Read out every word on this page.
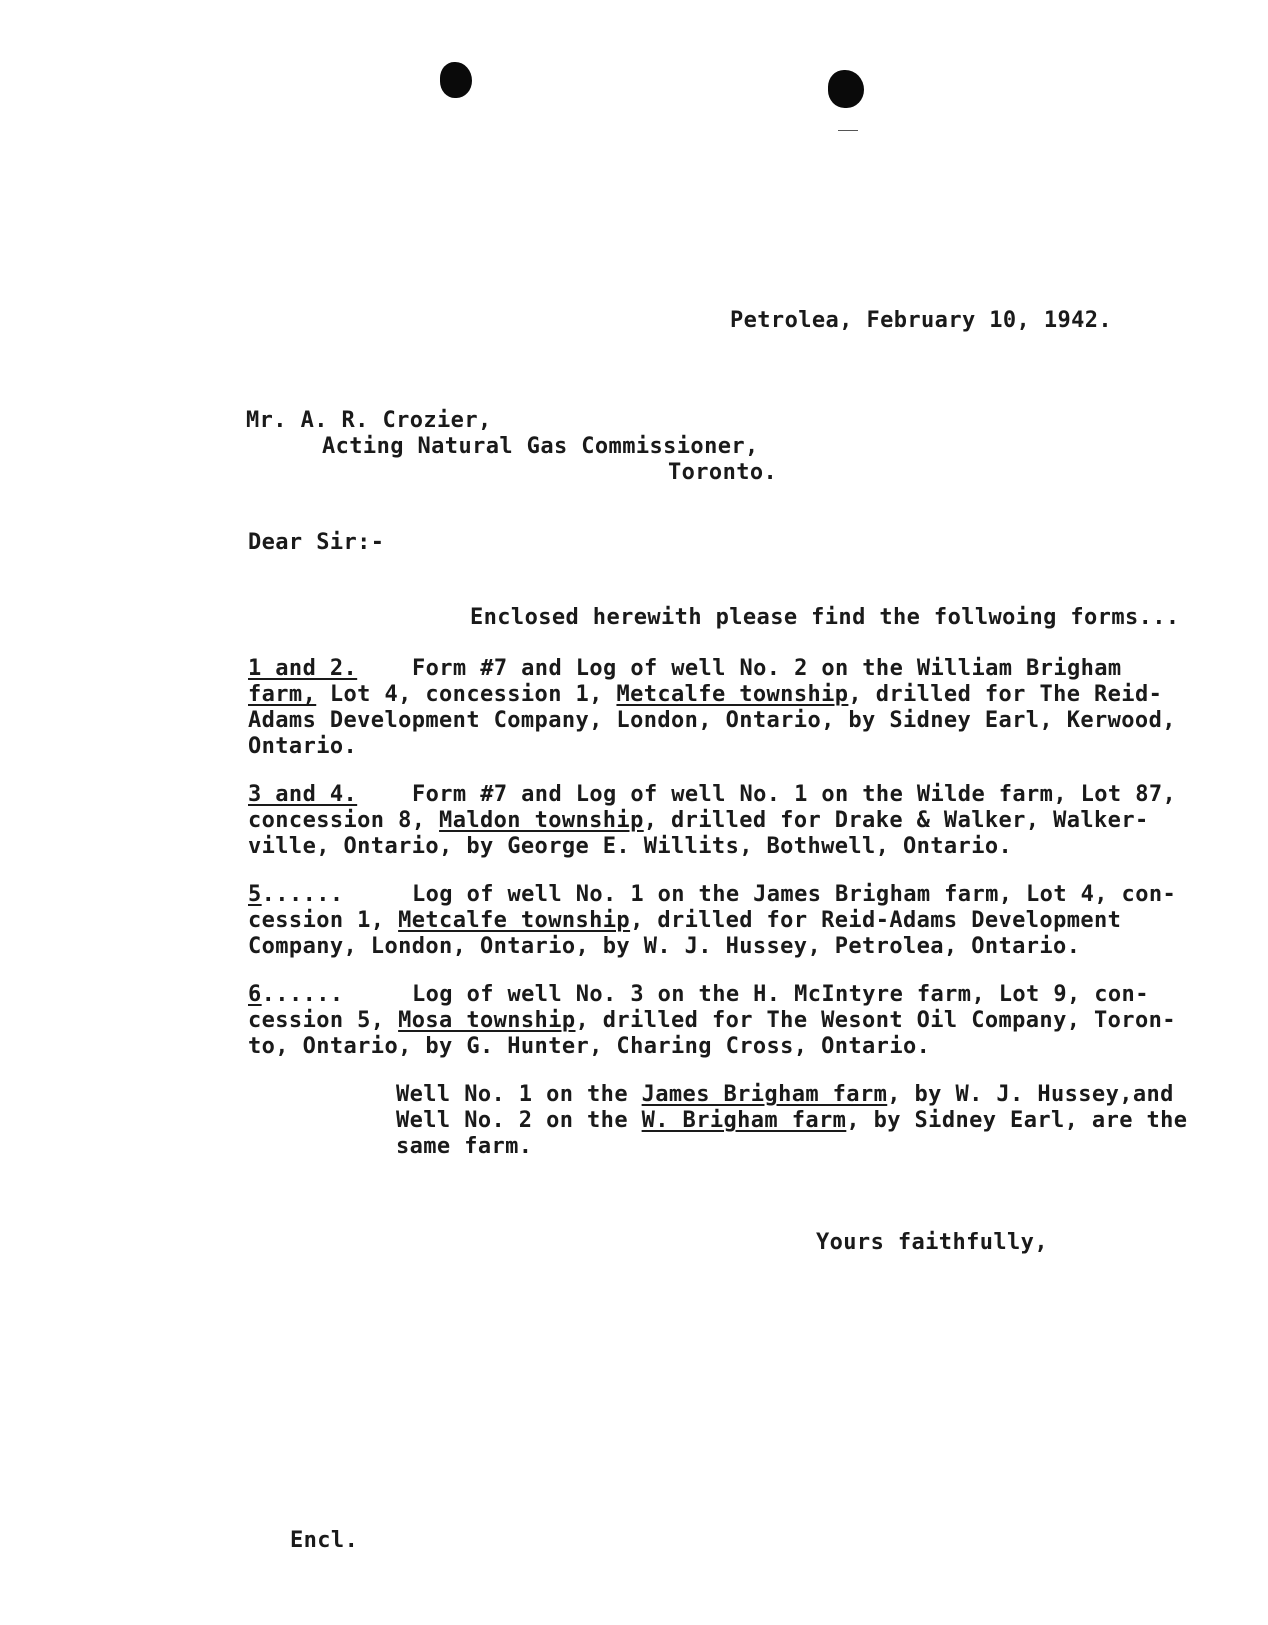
Petrolea, February 10, 1942.
Mr. A. R. Crozier,
Acting Natural Gas Commissioner,
Toronto.
Dear Sir:-
Enclosed herewith please find the follwoing forms...
1 and 2. Form #7 and Log of well No. 2 on the William Brigham
farm, Lot 4, concession 1, Metcalfe township, drilled for The Reid-
Adams Development Company, London, Ontario, by Sidney Earl, Kerwood,
Ontario.
3 and 4. Form #7 and Log of well No. 1 on the Wilde farm, Lot 87,
concession 8, Maldon township, drilled for Drake & Walker, Walker-
ville, Ontario, by George E. Willits, Bothwell, Ontario.
5......	Log of well No. 1 on the James Brigham farm, Lot 4, con-
cession 1, Metcalfe township, drilled for Reid-Adams Development
Company, London, Ontario, by W. J. Hussey, Petrolea, Ontario.
6......	Log of well No. 3 on the H. McIntyre farm, Lot 9, con-
cession 5, Mosa township, drilled for The Wesont Oil Company, Toron-
to, Ontario, by G. Hunter, Charing Cross, Ontario.
Well No. 1 on the James Brigham farm, by W. J. Hussey,and
Well No. 2 on the W. Brigham farm, by Sidney Earl, are the
same farm.
Yours faithfully,
Encl.
